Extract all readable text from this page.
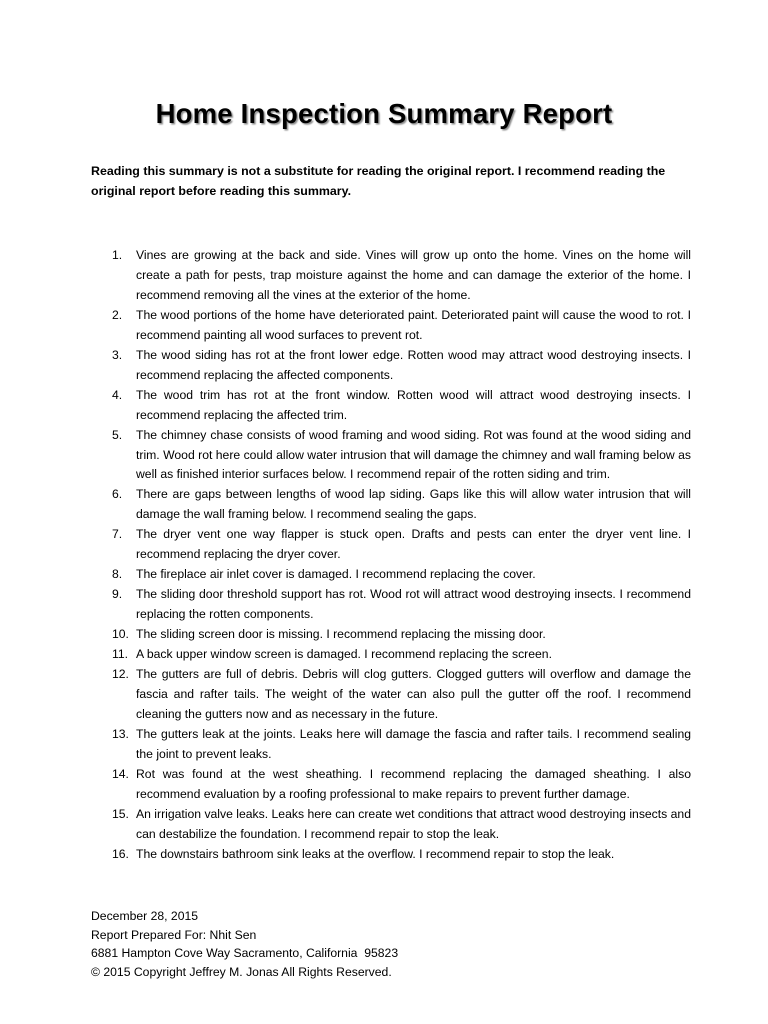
Home Inspection Summary Report
Reading this summary is not a substitute for reading the original report. I recommend reading the original report before reading this summary.
1. Vines are growing at the back and side. Vines will grow up onto the home. Vines on the home will create a path for pests, trap moisture against the home and can damage the exterior of the home. I recommend removing all the vines at the exterior of the home.
2. The wood portions of the home have deteriorated paint. Deteriorated paint will cause the wood to rot. I recommend painting all wood surfaces to prevent rot.
3. The wood siding has rot at the front lower edge. Rotten wood may attract wood destroying insects. I recommend replacing the affected components.
4. The wood trim has rot at the front window. Rotten wood will attract wood destroying insects. I recommend replacing the affected trim.
5. The chimney chase consists of wood framing and wood siding. Rot was found at the wood siding and trim. Wood rot here could allow water intrusion that will damage the chimney and wall framing below as well as finished interior surfaces below. I recommend repair of the rotten siding and trim.
6. There are gaps between lengths of wood lap siding. Gaps like this will allow water intrusion that will damage the wall framing below. I recommend sealing the gaps.
7. The dryer vent one way flapper is stuck open. Drafts and pests can enter the dryer vent line. I recommend replacing the dryer cover.
8. The fireplace air inlet cover is damaged. I recommend replacing the cover.
9. The sliding door threshold support has rot. Wood rot will attract wood destroying insects. I recommend replacing the rotten components.
10. The sliding screen door is missing. I recommend replacing the missing door.
11. A back upper window screen is damaged. I recommend replacing the screen.
12. The gutters are full of debris. Debris will clog gutters. Clogged gutters will overflow and damage the fascia and rafter tails. The weight of the water can also pull the gutter off the roof. I recommend cleaning the gutters now and as necessary in the future.
13. The gutters leak at the joints. Leaks here will damage the fascia and rafter tails. I recommend sealing the joint to prevent leaks.
14. Rot was found at the west sheathing. I recommend replacing the damaged sheathing. I also recommend evaluation by a roofing professional to make repairs to prevent further damage.
15. An irrigation valve leaks. Leaks here can create wet conditions that attract wood destroying insects and can destabilize the foundation. I recommend repair to stop the leak.
16. The downstairs bathroom sink leaks at the overflow. I recommend repair to stop the leak.
December 28, 2015
Report Prepared For: Nhit Sen
6881 Hampton Cove Way Sacramento, California  95823
© 2015 Copyright Jeffrey M. Jonas All Rights Reserved.
